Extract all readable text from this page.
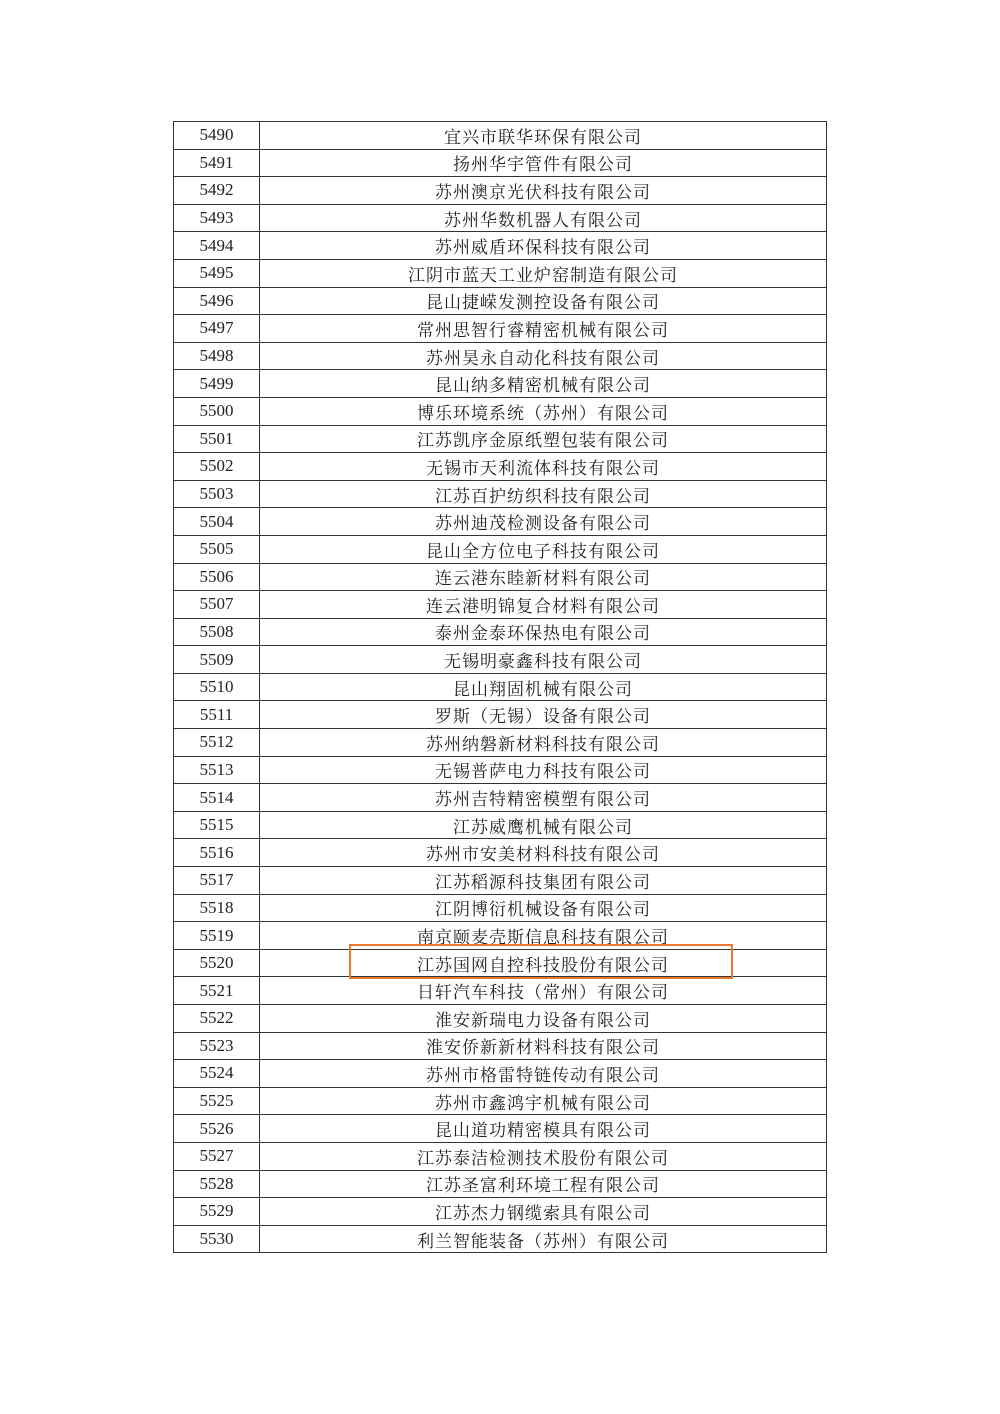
5490	宜兴市联华环保有限公司
5491	扬州华宇管件有限公司
5492	苏州澳京光伏科技有限公司
5493	苏州华数机器人有限公司
5494	苏州威盾环保科技有限公司
5495	江阴市蓝天工业炉窑制造有限公司
5496	昆山捷嵘发测控设备有限公司
5497	常州思智行睿精密机械有限公司
5498	苏州昊永自动化科技有限公司
5499	昆山纳多精密机械有限公司
5500	博乐环境系统（苏州）有限公司
5501	江苏凯序金原纸塑包装有限公司
5502	无锡市天利流体科技有限公司
5503	江苏百护纺织科技有限公司
5504	苏州迪茂检测设备有限公司
5505	昆山全方位电子科技有限公司
5506	连云港东睦新材料有限公司
5507	连云港明锦复合材料有限公司
5508	泰州金泰环保热电有限公司
5509	无锡明豪鑫科技有限公司
5510	昆山翔固机械有限公司
5511	罗斯（无锡）设备有限公司
5512	苏州纳磐新材料科技有限公司
5513	无锡普萨电力科技有限公司
5514	苏州吉特精密模塑有限公司
5515	江苏威鹰机械有限公司
5516	苏州市安美材料科技有限公司
5517	江苏稻源科技集团有限公司
5518	江阴博衍机械设备有限公司
5519	南京颐麦壳斯信息科技有限公司
5520	江苏国网自控科技股份有限公司
5521	日轩汽车科技（常州）有限公司
5522	淮安新瑞电力设备有限公司
5523	淮安侨新新材料科技有限公司
5524	苏州市格雷特链传动有限公司
5525	苏州市鑫鸿宇机械有限公司
5526	昆山道功精密模具有限公司
5527	江苏泰洁检测技术股份有限公司
5528	江苏圣富利环境工程有限公司
5529	江苏杰力钢缆索具有限公司
5530	利兰智能装备（苏州）有限公司
